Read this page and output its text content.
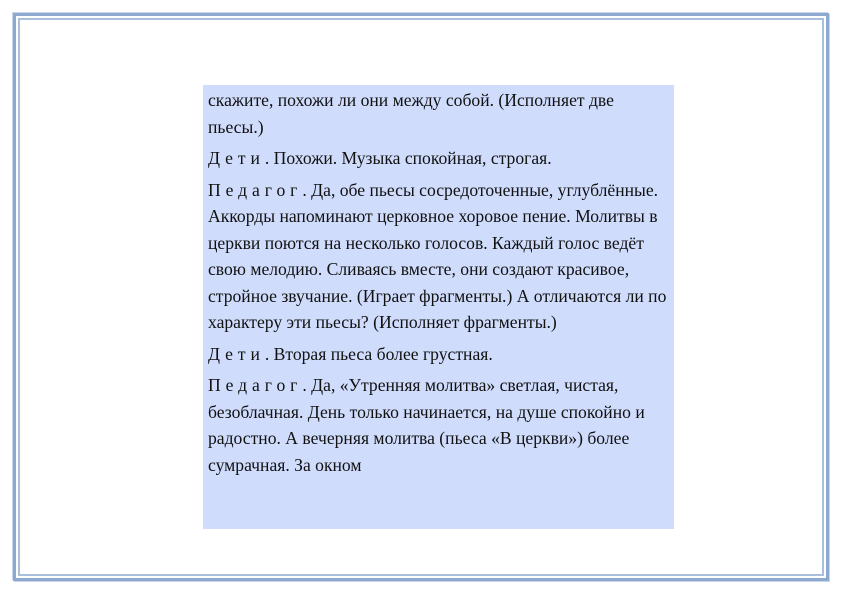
скажите, похожи ли они между собой. (Исполняет две пьесы.)

Дети. Похожи. Музыка спокойная, строгая.

Педагог. Да, обе пьесы сосредоточенные, углублённые. Аккорды напоминают церковное хоровое пение. Молитвы в церкви поются на несколько голосов. Каждый голос ведёт свою мелодию. Сливаясь вместе, они создают красивое, стройное звучание. (Играет фрагменты.) А отличаются ли по характеру эти пьесы? (Исполняет фрагменты.)

Дети. Вторая пьеса более грустная.

Педагог. Да, «Утренняя молитва» светлая, чистая, безоблачная. День только начинается, на душе спокойно и радостно. А вечерняя молитва (пьеса «В церкви») более сумрачная. За окном
